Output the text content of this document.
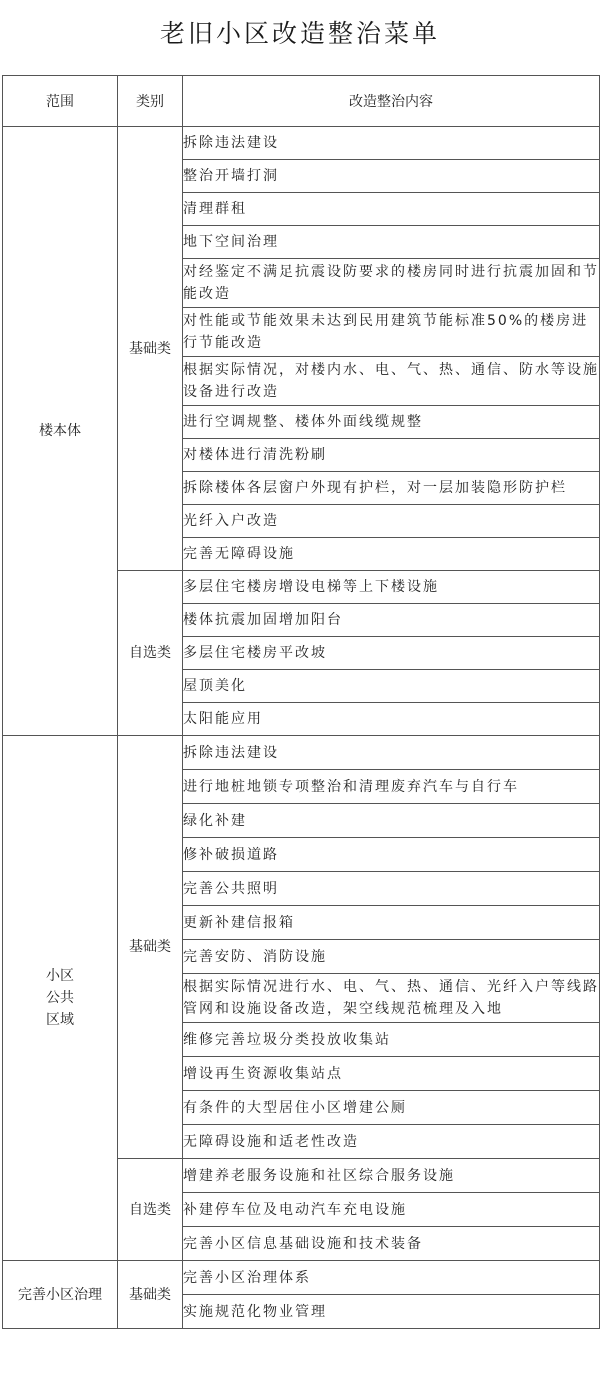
老旧小区改造整治菜单
范围	类别	改造整治内容
楼本体	基础类	拆除违法建设
		整治开墙打洞
		清理群租
		地下空间治理
		对经鉴定不满足抗震设防要求的楼房同时进行抗震加固和节能改造
		对性能或节能效果未达到民用建筑节能标准50%的楼房进行节能改造
		根据实际情况，对楼内水、电、气、热、通信、防水等设施设备进行改造
		进行空调规整、楼体外面线缆规整
		对楼体进行清洗粉刷
		拆除楼体各层窗户外现有护栏，对一层加装隐形防护栏
		光纤入户改造
		完善无障碍设施
	自选类	多层住宅楼房增设电梯等上下楼设施
		楼体抗震加固增加阳台
		多层住宅楼房平改坡
		屋顶美化
		太阳能应用

小区
公共
区域	基础类	拆除违法建设
		进行地桩地锁专项整治和清理废弃汽车与自行车
		绿化补建
		修补破损道路
		完善公共照明
		更新补建信报箱
		完善安防、消防设施
		根据实际情况进行水、电、气、热、通信、光纤入户等线路管网和设施设备改造，架空线规范梳理及入地
		维修完善垃圾分类投放收集站
		增设再生资源收集站点
		有条件的大型居住小区增建公厕
		无障碍设施和适老性改造
	自选类	增建养老服务设施和社区综合服务设施
		补建停车位及电动汽车充电设施
		完善小区信息基础设施和技术装备
完善小区治理	基础类	完善小区治理体系
		实施规范化物业管理
